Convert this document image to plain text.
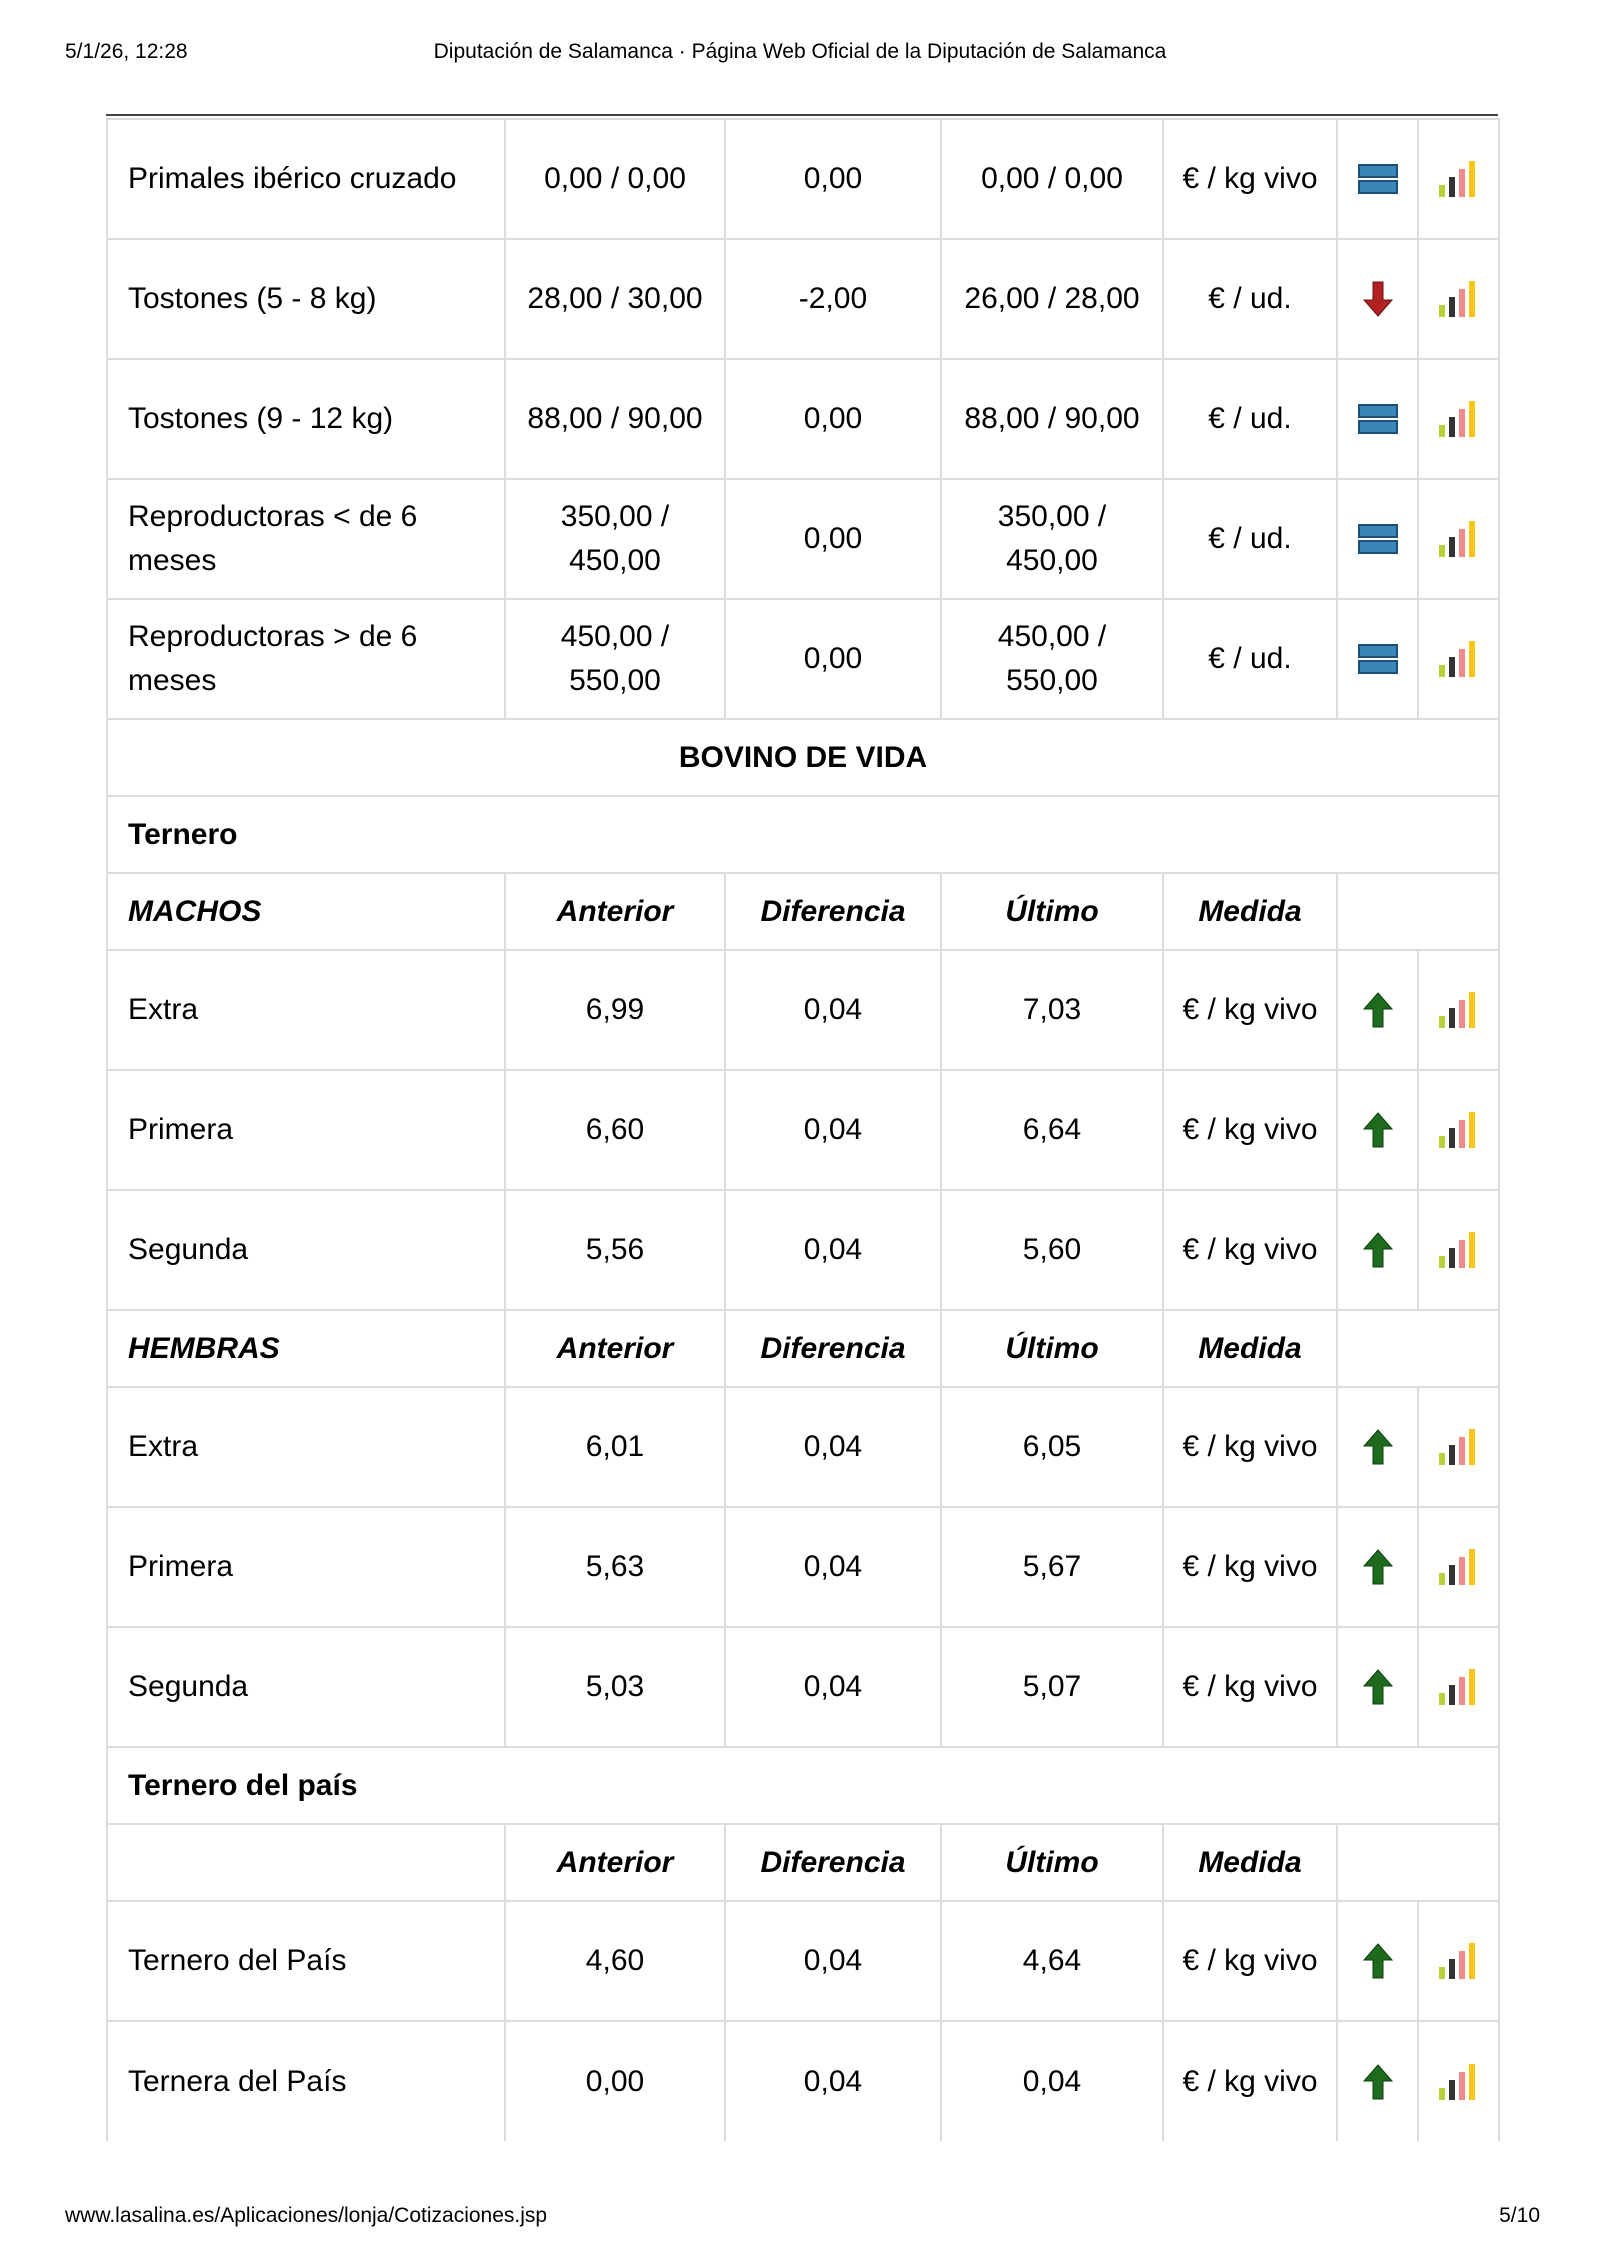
5/1/26, 12:28	Diputación de Salamanca · Página Web Oficial de la Diputación de Salamanca
Primales ibérico cruzado	0,00 / 0,00	0,00	0,00 / 0,00	€ / kg vivo	

Tostones (5 - 8 kg)	28,00 / 30,00	-2,00	26,00 / 28,00	€ / ud.	

Tostones (9 - 12 kg)	88,00 / 90,00	0,00	88,00 / 90,00	€ / ud.	

Reproductoras < de 6 meses	350,00 / 450,00	0,00	350,00 / 450,00	€ / ud.	

Reproductoras > de 6 meses	450,00 / 550,00	0,00	450,00 / 550,00	€ / ud.	

BOVINO DE VIDA						
Ternero						
MACHOS	Anterior	Diferencia	Último	Medida		
Extra	6,99	0,04	7,03	€ / kg vivo	

Primera	6,60	0,04	6,64	€ / kg vivo	

Segunda	5,56	0,04	5,60	€ / kg vivo	

HEMBRAS	Anterior	Diferencia	Último	Medida		
Extra	6,01	0,04	6,05	€ / kg vivo	

Primera	5,63	0,04	5,67	€ / kg vivo	

Segunda	5,03	0,04	5,07	€ / kg vivo	

Ternero del país						
	Anterior	Diferencia	Último	Medida		
Ternero del País	4,60	0,04	4,64	€ / kg vivo	

Ternera del País	0,00	0,04	0,04	€ / kg vivo	

www.lasalina.es/Aplicaciones/lonja/Cotizaciones.jsp	5/10
